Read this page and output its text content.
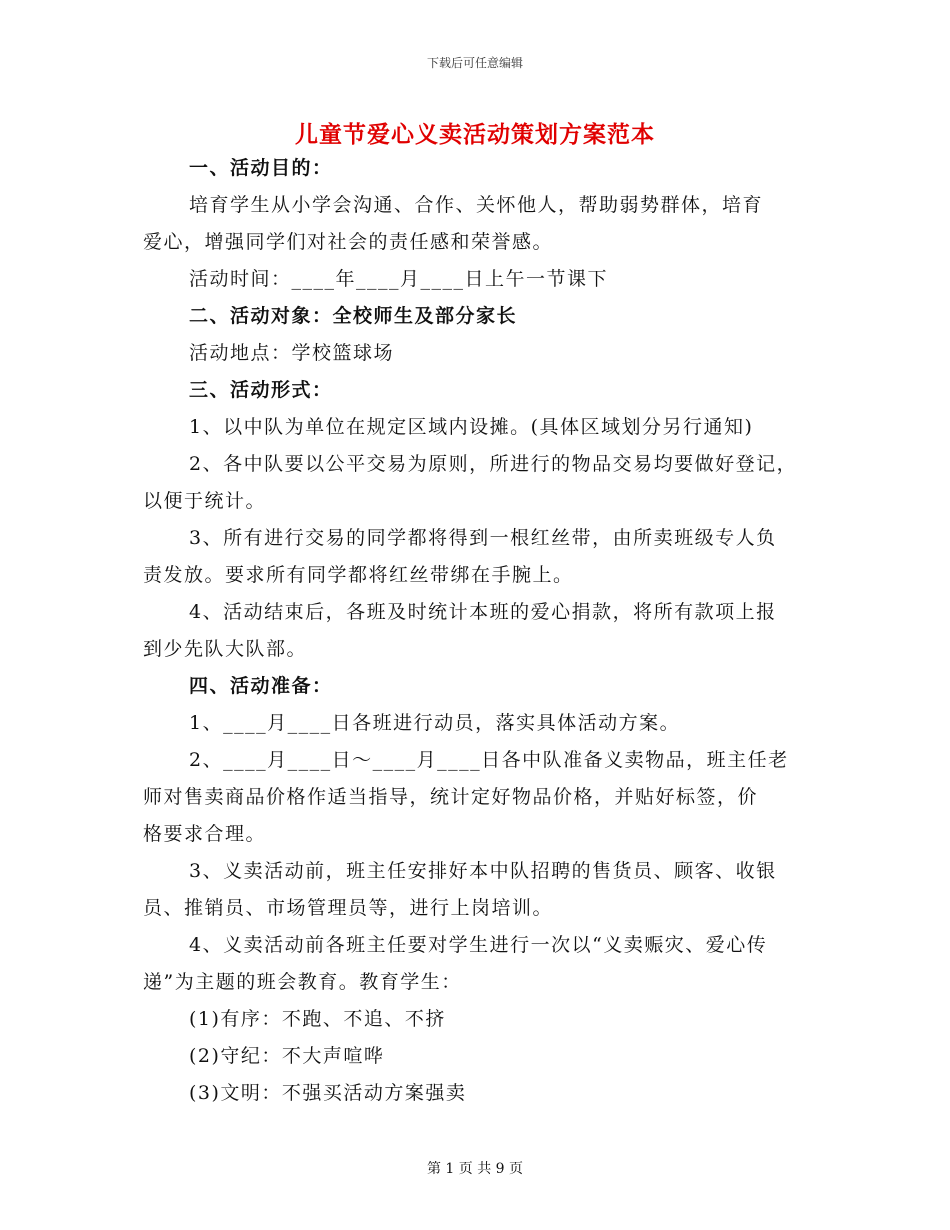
下载后可任意编辑
儿童节爱心义卖活动策划方案范本
一、活动目的：
培育学生从小学会沟通、合作、关怀他人，帮助弱势群体，培育
爱心，增强同学们对社会的责任感和荣誉感。
活动时间：____年____月____日上午一节课下
二、活动对象：全校师生及部分家长
活动地点：学校篮球场
三、活动形式：
1、以中队为单位在规定区域内设摊。(具体区域划分另行通知)
2、各中队要以公平交易为原则，所进行的物品交易均要做好登记，
以便于统计。
3、所有进行交易的同学都将得到一根红丝带，由所卖班级专人负
责发放。要求所有同学都将红丝带绑在手腕上。
4、活动结束后，各班及时统计本班的爱心捐款，将所有款项上报
到少先队大队部。
四、活动准备：
1、____月____日各班进行动员，落实具体活动方案。
2、____月____日～____月____日各中队准备义卖物品，班主任老
师对售卖商品价格作适当指导，统计定好物品价格，并贴好标签，价
格要求合理。
3、义卖活动前，班主任安排好本中队招聘的售货员、顾客、收银
员、推销员、市场管理员等，进行上岗培训。
4、义卖活动前各班主任要对学生进行一次以“义卖赈灾、爱心传
递”为主题的班会教育。教育学生：
(1)有序：不跑、不追、不挤
(2)守纪：不大声喧哗
(3)文明：不强买活动方案强卖
第 1 页 共 9 页
